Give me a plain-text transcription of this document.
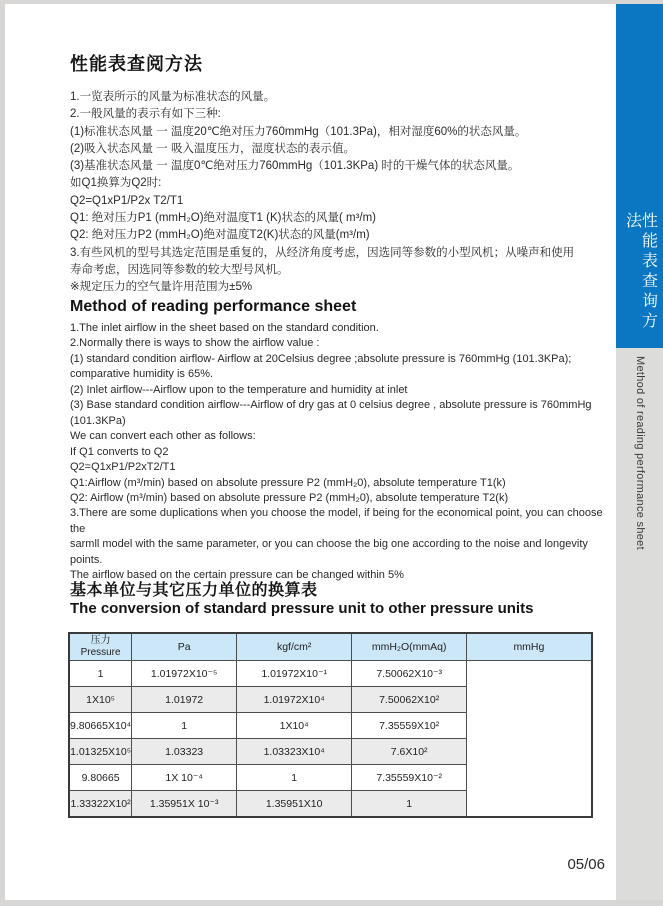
性能表查阅方法
1.一览表所示的风量为标准状态的风量。
2.一般风量的表示有如下三种:
(1)标准状态风量 一 温度20℃绝对压力760mmHg（101.3Pa)，相对湿度60%的状态风量。
(2)吸入状态风量 一 吸入温度压力，湿度状态的表示值。
(3)基准状态风量 一 温度0℃绝对压力760mmHg（101.3KPa) 时的干燥气体的状态风量。
如Q1换算为Q2时:
Q2=Q1xP1/P2x T2/T1
Q1: 绝对压力P1 (mmH₂O)绝对温度T1 (K)状态的风量( m³/m)
Q2: 绝对压力P2 (mmH₂O)绝对温度T2(K)状态的风量(m³/m)
3.有些风机的型号其选定范围是重复的，从经济角度考虑，因选同等参数的小型风机；从噪声和使用
寿命考虑，因选同等参数的较大型号风机。
※规定压力的空气量许用范围为±5%
Method of reading performance sheet
1.The inlet airflow in the sheet based on the standard condition.
2.Normally there is ways to show the airflow value :
(1) standard condition airflow- Airflow at 20Celsius degree ;absolute pressure is 760mmHg (101.3KPa);
comparative humidity is 65%.
(2) Inlet airflow---Airflow upon to the temperature and humidity at inlet
(3) Base standard condition airflow---Airflow of dry gas at 0 celsius degree , absolute pressure is 760mmHg (101.3KPa)
We can convert each other as follows:
If Q1 converts to Q2
Q2=Q1xP1/P2xT2/T1
Q1:Airflow (m³/min) based on absolute pressure P2 (mmH₂0), absolute temperature T1(k)
Q2: Airflow (m³/min) based on absolute pressure P2 (mmH₂0), absolute temperature T2(k)
3.There are some duplications when you choose the model, if being for the economical point, you can choose the
sarmll model with the same parameter, or you can choose the big one according to the noise and longevity points.
The airflow based on the certain pressure can be changed within 5%
基本单位与其它压力单位的换算表
The conversion of standard pressure unit to other pressure units
压力
Pressure	Pa	kgf/cm²	mmH₂O(mmAq)	mmHg
1	1.01972X10⁻⁵	1.01972X10⁻¹	7.50062X10⁻³	
1X10⁵	1.01972	1.01972X10⁴	7.50062X10²	
9.80665X10⁴	1	1X10⁴	7.35559X10²	
1.01325X10⁵	1.03323	1.03323X10⁴	7.6X10²	
9.80665	1X 10⁻⁴	1	7.35559X10⁻²	
1.33322X10²	1.35951X 10⁻³	1.35951X10	1	
05/06
性能表查询方法
Method of reading performance sheet
